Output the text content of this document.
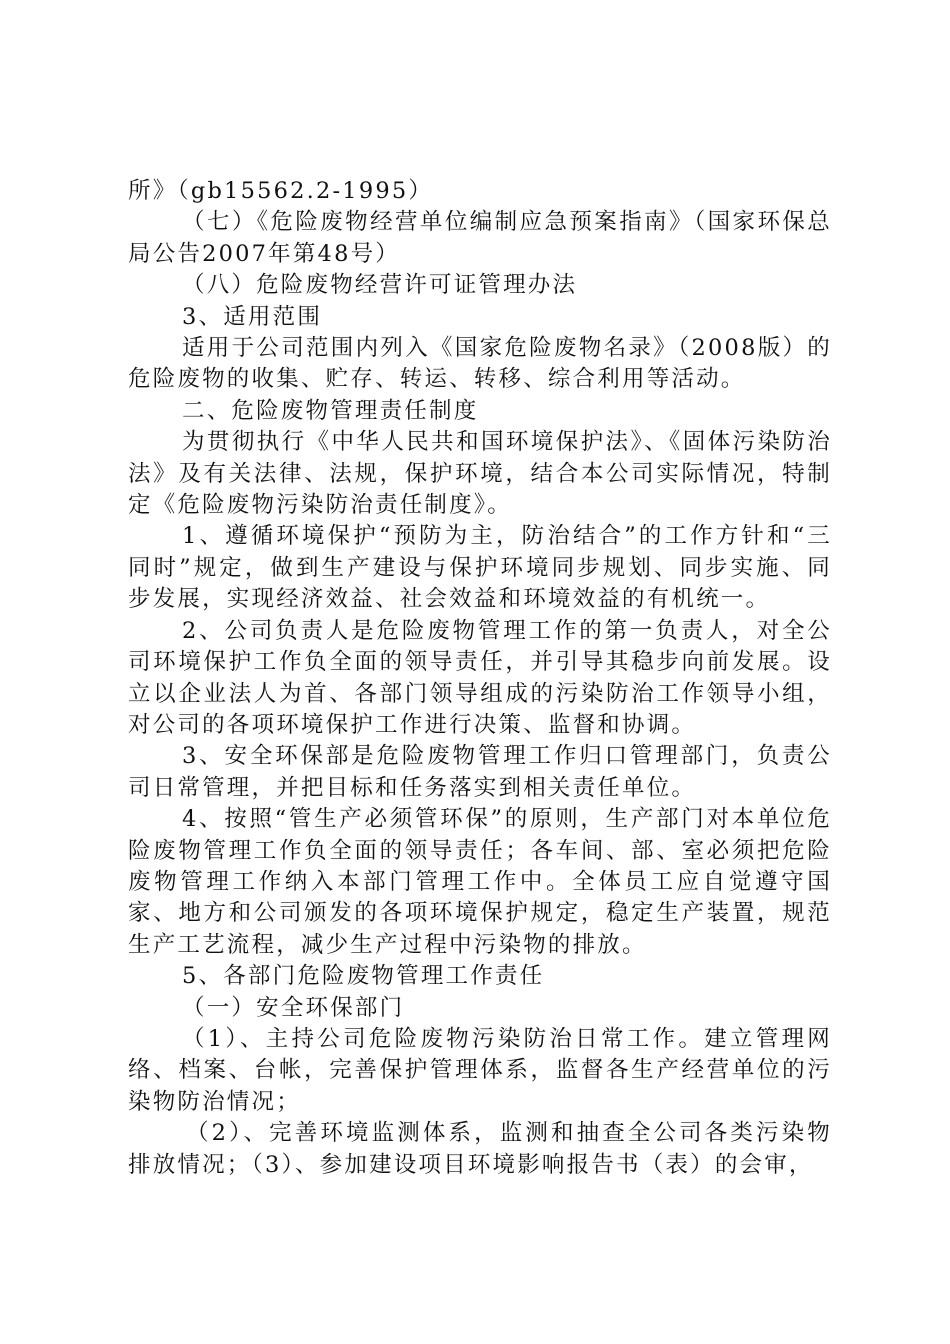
所》（gb15562.2-1995）

（七）《危险废物经营单位编制应急预案指南》（国家环保总局公告2007年第48号）

（八）危险废物经营许可证管理办法

3、适用范围

适用于公司范围内列入《国家危险废物名录》（2008版）的危险废物的收集、贮存、转运、转移、综合利用等活动。

二、危险废物管理责任制度

为贯彻执行《中华人民共和国环境保护法》、《固体污染防治法》及有关法律、法规，保护环境，结合本公司实际情况，特制定《危险废物污染防治责任制度》。

1、遵循环境保护“预防为主，防治结合”的工作方针和“三同时”规定，做到生产建设与保护环境同步规划、同步实施、同步发展，实现经济效益、社会效益和环境效益的有机统一。

2、公司负责人是危险废物管理工作的第一负责人，对全公司环境保护工作负全面的领导责任，并引导其稳步向前发展。设立以企业法人为首、各部门领导组成的污染防治工作领导小组，对公司的各项环境保护工作进行决策、监督和协调。

3、安全环保部是危险废物管理工作归口管理部门，负责公司日常管理，并把目标和任务落实到相关责任单位。

4、按照“管生产必须管环保”的原则，生产部门对本单位危险废物管理工作负全面的领导责任；各车间、部、室必须把危险废物管理工作纳入本部门管理工作中。全体员工应自觉遵守国家、地方和公司颁发的各项环境保护规定，稳定生产装置，规范生产工艺流程，减少生产过程中污染物的排放。

5、各部门危险废物管理工作责任

（一）安全环保部门

（1）、主持公司危险废物污染防治日常工作。建立管理网络、档案、台帐，完善保护管理体系，监督各生产经营单位的污染物防治情况；

（2）、完善环境监测体系，监测和抽查全公司各类污染物排放情况；（3）、参加建设项目环境影响报告书（表）的会审，
